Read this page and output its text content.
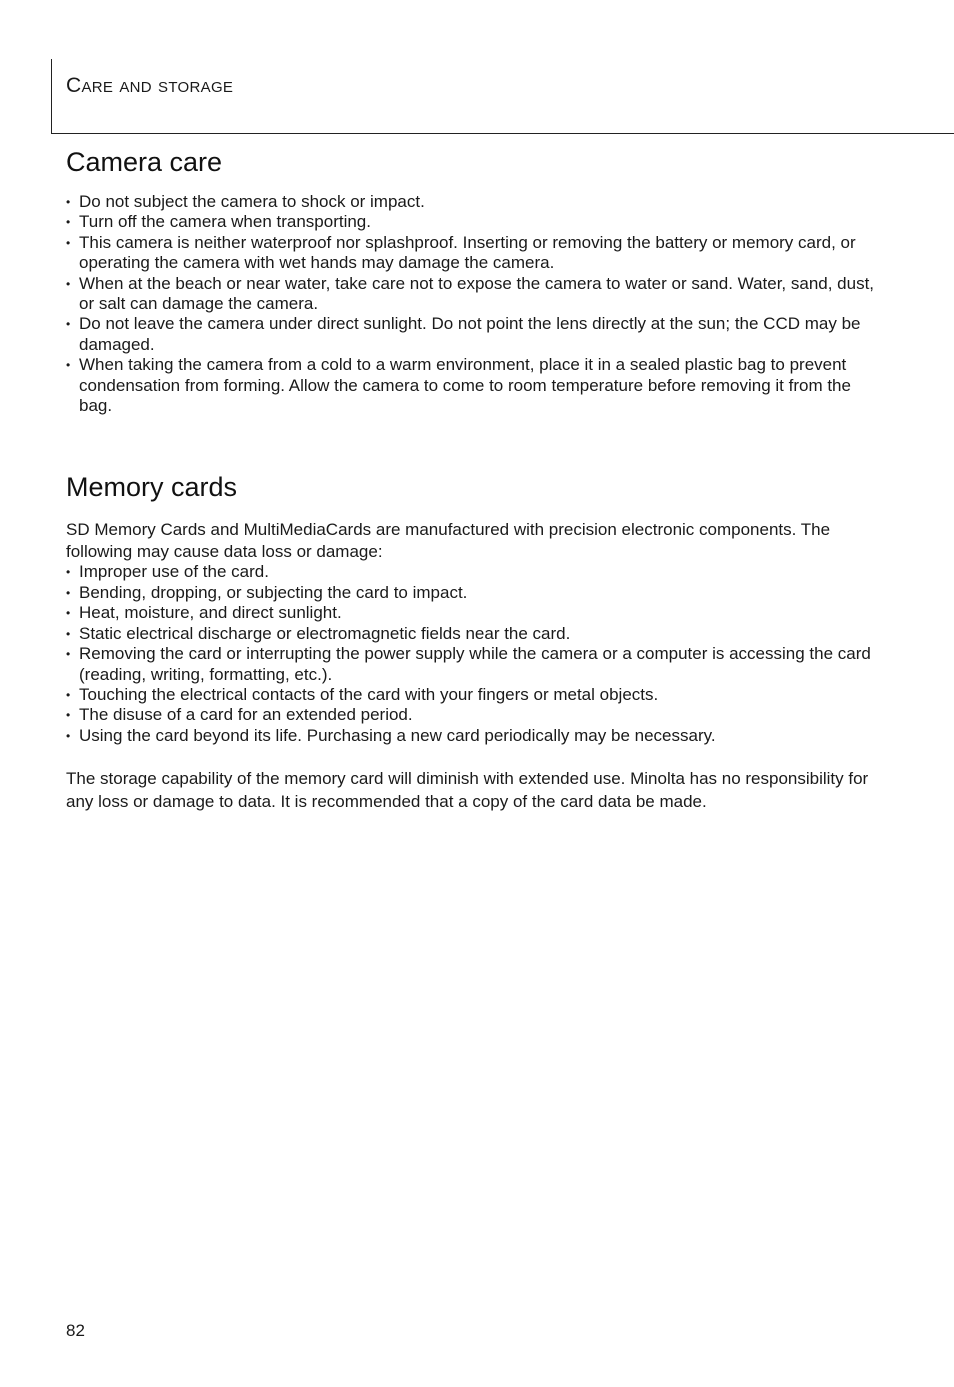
Care and storage
Camera care
• Do not subject the camera to shock or impact.
• Turn off the camera when transporting.
• This camera is neither waterproof nor splashproof. Inserting or removing the battery or memory card, or operating the camera with wet hands may damage the camera.
• When at the beach or near water, take care not to expose the camera to water or sand. Water, sand, dust, or salt can damage the camera.
• Do not leave the camera under direct sunlight. Do not point the lens directly at the sun; the CCD may be damaged.
• When taking the camera from a cold to a warm environment, place it in a sealed plastic bag to prevent condensation from forming. Allow the camera to come to room temperature before removing it from the bag.
Memory cards

SD Memory Cards and MultiMediaCards are manufactured with precision electronic components. The following may cause data loss or damage:

• Improper use of the card.
• Bending, dropping, or subjecting the card to impact.
• Heat, moisture, and direct sunlight.
• Static electrical discharge or electromagnetic fields near the card.
• Removing the card or interrupting the power supply while the camera or a computer is accessing the card (reading, writing, formatting, etc.).
• Touching the electrical contacts of the card with your fingers or metal objects.
• The disuse of a card for an extended period.
• Using the card beyond its life. Purchasing a new card periodically may be necessary.

The storage capability of the memory card will diminish with extended use. Minolta has no responsibility for any loss or damage to data. It is recommended that a copy of the card data be made.

82
